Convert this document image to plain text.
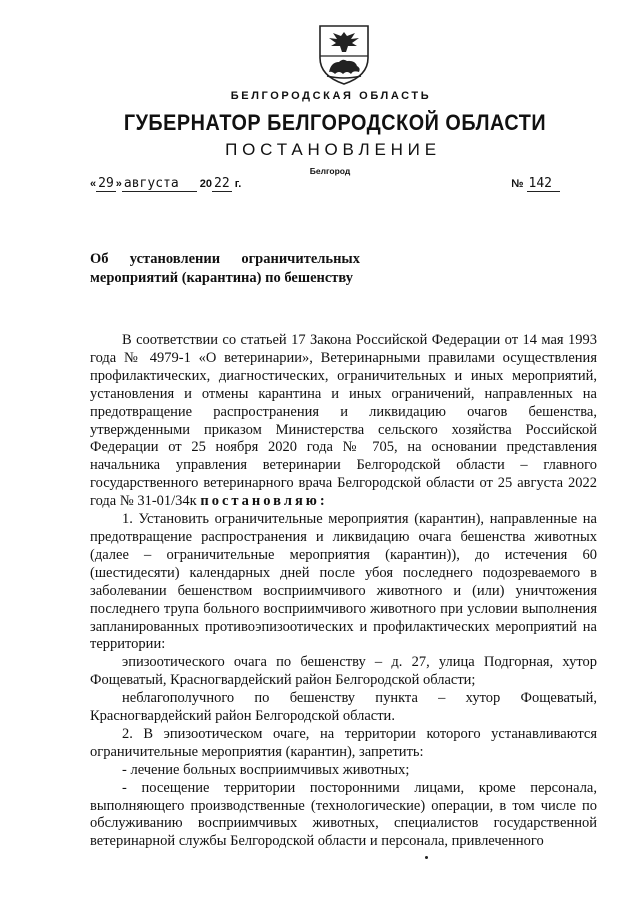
БЕЛГОРОДСКАЯ ОБЛАСТЬ
ГУБЕРНАТОР БЕЛГОРОДСКОЙ ОБЛАСТИ
ПОСТАНОВЛЕНИЕ
Белгород
« 29 » августа 20 22 г.	№ 142
Об установлении ограничительных
мероприятий (карантина) по бешенству

В соответствии со статьей 17 Закона Российской Федерации от 14 мая 1993 года № 4979-1 «О ветеринарии», Ветеринарными правилами осуществления профилактических, диагностических, ограничительных и иных мероприятий, установления и отмены карантина и иных ограничений, направленных на предотвращение распространения и ликвидацию очагов бешенства, утвержденными приказом Министерства сельского хозяйства Российской Федерации от 25 ноября 2020 года № 705, на основании представления начальника управления ветеринарии Белгородской области – главного государственного ветеринарного врача Белгородской области от 25 августа 2022 года № 31-01/34к постановляю:

1. Установить ограничительные мероприятия (карантин), направленные на предотвращение распространения и ликвидацию очага бешенства животных (далее – ограничительные мероприятия (карантин)), до истечения 60 (шестидесяти) календарных дней после убоя последнего подозреваемого в заболевании бешенством восприимчивого животного и (или) уничтожения последнего трупа больного восприимчивого животного при условии выполнения запланированных противоэпизоотических и профилактических мероприятий на территории:

эпизоотического очага по бешенству – д. 27, улица Подгорная, хутор Фощеватый, Красногвардейский район Белгородской области;

неблагополучного по бешенству пункта – хутор Фощеватый, Красногвардейский район Белгородской области.

2. В эпизоотическом очаге, на территории которого устанавливаются ограничительные мероприятия (карантин), запретить:

- лечение больных восприимчивых животных;

- посещение территории посторонними лицами, кроме персонала, выполняющего производственные (технологические) операции, в том числе по обслуживанию восприимчивых животных, специалистов государственной ветеринарной службы Белгородской области и персонала, привлеченного
